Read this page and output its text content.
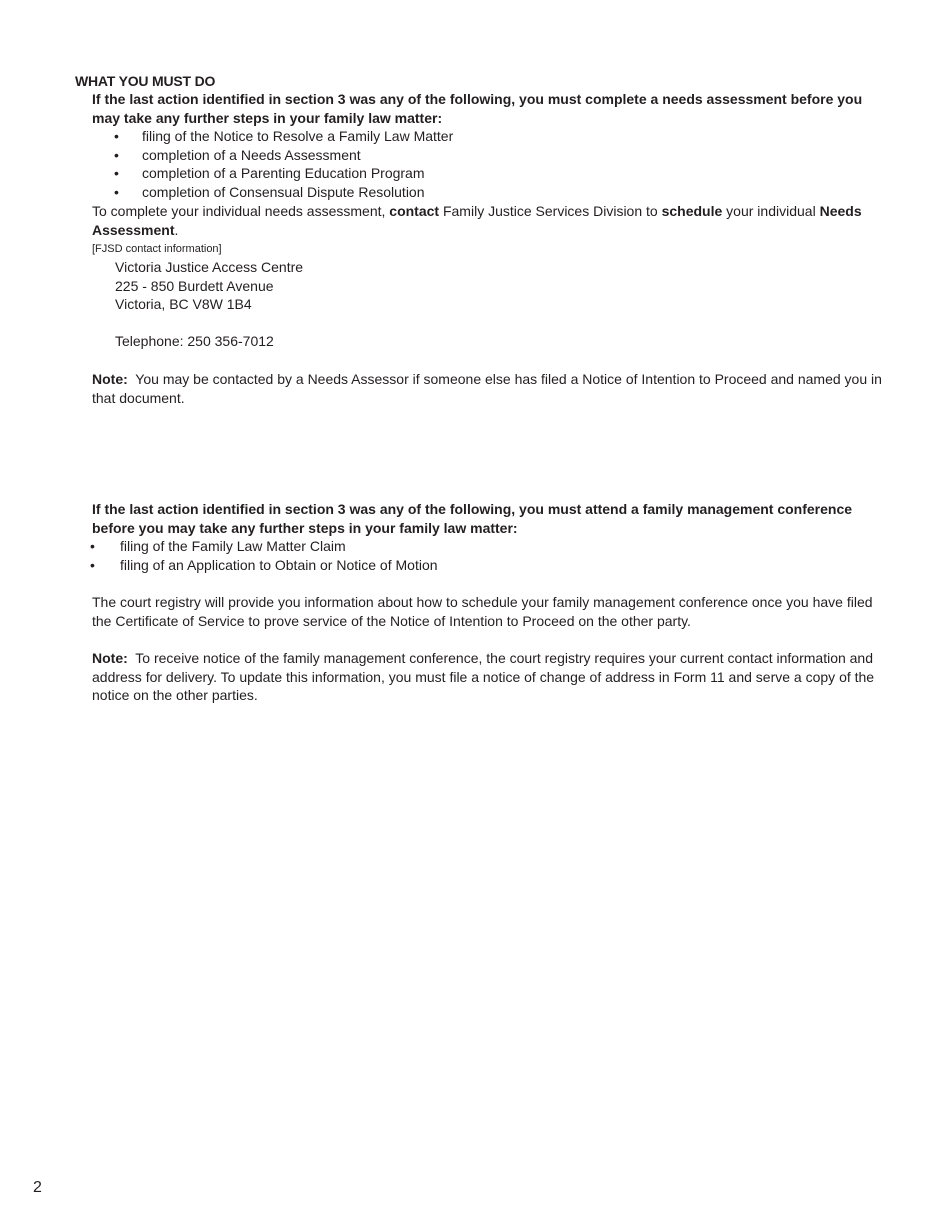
WHAT YOU MUST DO
If the last action identified in section 3 was any of the following, you must complete a needs assessment before you may take any further steps in your family law matter:
• filing of the Notice to Resolve a Family Law Matter
• completion of a Needs Assessment
• completion of a Parenting Education Program
• completion of Consensual Dispute Resolution
To complete your individual needs assessment, contact Family Justice Services Division to schedule your individual Needs Assessment.
[FJSD contact information]
Victoria Justice Access Centre
225 - 850 Burdett Avenue
Victoria, BC V8W 1B4
Telephone: 250 356-7012
Note:  You may be contacted by a Needs Assessor if someone else has filed a Notice of Intention to Proceed and named you in that document.
If the last action identified in section 3 was any of the following, you must attend a family management conference before you may take any further steps in your family law matter:
• filing of the Family Law Matter Claim
• filing of an Application to Obtain or Notice of Motion
The court registry will provide you information about how to schedule your family management conference once you have filed the Certificate of Service to prove service of the Notice of Intention to Proceed on the other party.
Note:  To receive notice of the family management conference, the court registry requires your current contact information and address for delivery. To update this information, you must file a notice of change of address in Form 11 and serve a copy of the notice on the other parties.
2
